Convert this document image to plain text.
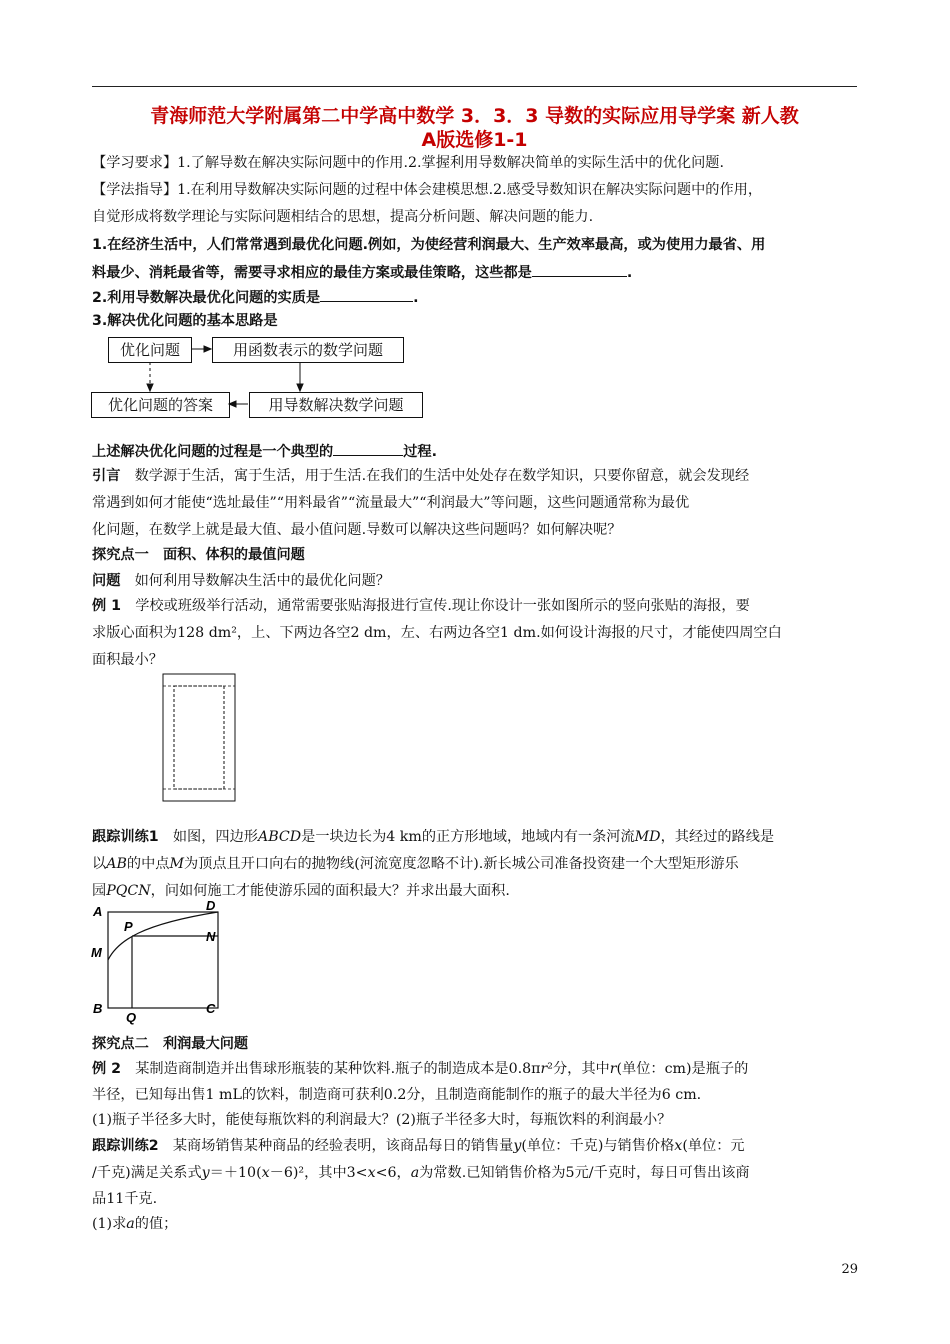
青海师范大学附属第二中学高中数学 3．3．3 导数的实际应用导学案 新人教
A版选修1-1
【学习要求】1.了解导数在解决实际问题中的作用.2.掌握利用导数解决简单的实际生活中的优化问题.
【学法指导】1.在利用导数解决实际问题的过程中体会建模思想.2.感受导数知识在解决实际问题中的作用，
自觉形成将数学理论与实际问题相结合的思想，提高分析问题、解决问题的能力.
1.在经济生活中，人们常常遇到最优化问题.例如，为使经营利润最大、生产效率最高，或为使用力最省、用
料最少、消耗最省等，需要寻求相应的最佳方案或最佳策略，这些都是	.
2.利用导数解决最优化问题的实质是	.
3.解决优化问题的基本思路是
优化问题	用函数表示的数学问题
用导数解决数学问题
优化问题的答案
上述解决优化问题的过程是一个典型的	过程.
引言　数学源于生活，寓于生活，用于生活.在我们的生活中处处存在数学知识，只要你留意，就会发现经
常遇到如何才能使“选址最佳”“用料最省”“流量最大”“利润最大”等问题，这些问题通常称为最优
化问题，在数学上就是最大值、最小值问题.导数可以解决这些问题吗？如何解决呢？
探究点一　面积、体积的最值问题
问题　如何利用导数解决生活中的最优化问题？
例 1　学校或班级举行活动，通常需要张贴海报进行宣传.现让你设计一张如图所示的竖向张贴的海报，要
求版心面积为128 dm²，上、下两边各空2 dm，左、右两边各空1 dm.如何设计海报的尺寸，才能使四周空白
面积最小？
跟踪训练1　如图，四边形ABCD是一块边长为4 km的正方形地域，地域内有一条河流MD，其经过的路线是
以AB的中点M为顶点且开口向右的抛物线(河流宽度忽略不计).新长城公司准备投资建一个大型矩形游乐
园PQCN，问如何施工才能使游乐园的面积最大？并求出最大面积.
A	D
P
N
M
B
Q
C
探究点二　利润最大问题
例 2　某制造商制造并出售球形瓶装的某种饮料.瓶子的制造成本是0.8πr²分，其中r(单位：cm)是瓶子的
半径，已知每出售1 mL的饮料，制造商可获利0.2分，且制造商能制作的瓶子的最大半径为6 cm.
(1)瓶子半径多大时，能使每瓶饮料的利润最大？(2)瓶子半径多大时，每瓶饮料的利润最小？
跟踪训练2　某商场销售某种商品的经验表明，该商品每日的销售量y(单位：千克)与销售价格x(单位：元
/千克)满足关系式y＝＋10(x－6)²，其中3<x<6，a为常数.已知销售价格为5元/千克时，每日可售出该商
品11千克.
(1)求a的值；
29
